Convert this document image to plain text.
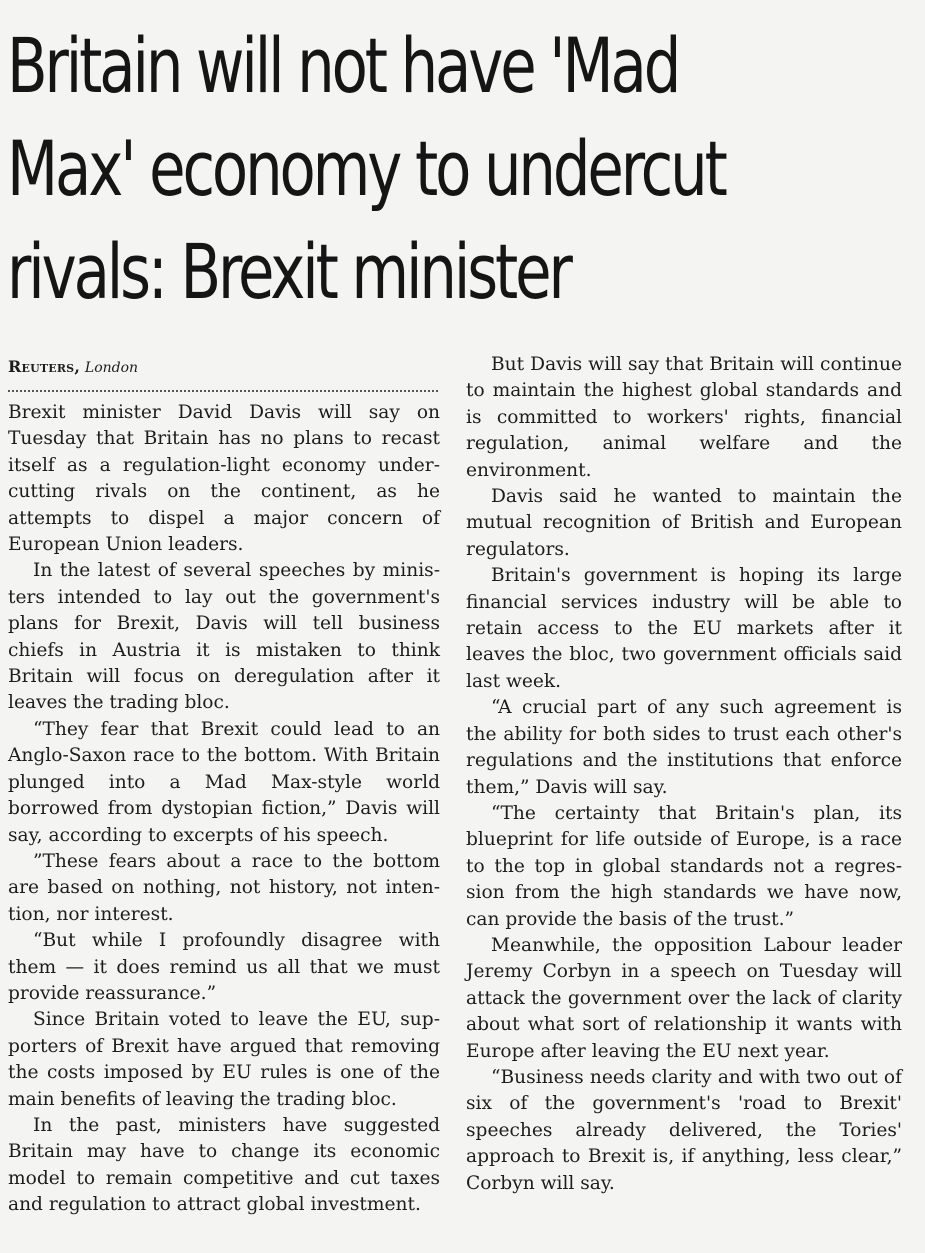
Britain will not have 'Mad
Max' economy to undercut
rivals: Brexit minister
Reuters, London

Brexit minister David Davis will say on Tuesday that Britain has no plans to recast itself as a regulation-light economy undercutting rivals on the continent, as he attempts to dispel a major concern of European Union leaders.

In the latest of several speeches by ministers intended to lay out the government's plans for Brexit, Davis will tell business chiefs in Austria it is mistaken to think Britain will focus on deregulation after it leaves the trading bloc.

“They fear that Brexit could lead to an Anglo-Saxon race to the bottom. With Britain plunged into a Mad Max-style world borrowed from dystopian fiction,” Davis will say, according to excerpts of his speech.

”These fears about a race to the bottom are based on nothing, not history, not intention, nor interest.

“But while I profoundly disagree with them — it does remind us all that we must provide reassurance.”

Since Britain voted to leave the EU, supporters of Brexit have argued that removing the costs imposed by EU rules is one of the main benefits of leaving the trading bloc.

In the past, ministers have suggested Britain may have to change its economic model to remain competitive and cut taxes and regulation to attract global investment.

But Davis will say that Britain will continue to maintain the highest global standards and is committed to workers' rights, financial regulation, animal welfare and the environment.

Davis said he wanted to maintain the mutual recognition of British and European regulators.

Britain's government is hoping its large financial services industry will be able to retain access to the EU markets after it leaves the bloc, two government officials said last week.

“A crucial part of any such agreement is the ability for both sides to trust each other's regulations and the institutions that enforce them,” Davis will say.

“The certainty that Britain's plan, its blueprint for life outside of Europe, is a race to the top in global standards not a regression from the high standards we have now, can provide the basis of the trust.”

Meanwhile, the opposition Labour leader Jeremy Corbyn in a speech on Tuesday will attack the government over the lack of clarity about what sort of relationship it wants with Europe after leaving the EU next year.

“Business needs clarity and with two out of six of the government's 'road to Brexit' speeches already delivered, the Tories' approach to Brexit is, if anything, less clear,” Corbyn will say.
